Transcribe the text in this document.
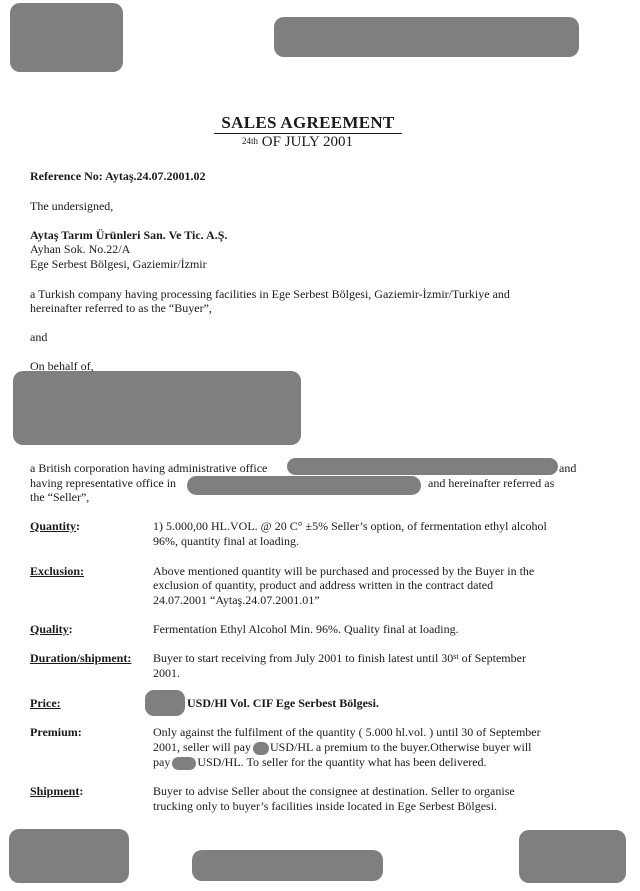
SALES AGREEMENT
$^{24th}$ OF JULY 2001
Reference No: Aytaş.24.07.2001.02
The undersigned,
Aytaş Tarım Ürünleri San. Ve Tic. A.Ş.
Ayhan Sok. No.22/A
Ege Serbest Bölgesi, Gaziemir/İzmir
a Turkish company having processing facilities in Ege Serbest Bölgesi, Gaziemir-İzmir/Turkiye and
hereinafter referred to as the “Buyer”,
and
On behalf of,
a British corporation having administrative office	and
having representative office in	and hereinafter referred as
the “Seller”,
Quantity:	1) 5.000,00 HL.VOL. @ 20 C° ±5% Seller’s option, of fermentation ethyl alcohol
96%, quantity final at loading.
Exclusion:	Above mentioned quantity will be purchased and processed by the Buyer in the
exclusion of quantity, product and address written in the contract dated
24.07.2001 “Aytaş.24.07.2001.01”
Quality:	Fermentation Ethyl Alcohol Min. 96%. Quality final at loading.
Duration/shipment: Buyer to start receiving from July 2001 to finish latest until 30st of September
2001.
Price:	USD/Hl Vol. CIF Ege Serbest Bölgesi.
Premium:	Only against the fulfilment of the quantity ( 5.000 hl.vol. ) until 30 of September
2001, seller will pay USD/HL a premium to the buyer.Otherwise buyer will
pay USD/HL. To seller for the quantity what has been delivered.
Shipment:	Buyer to advise Seller about the consignee at destination. Seller to organise
trucking only to buyer’s facilities inside located in Ege Serbest Bölgesi.
